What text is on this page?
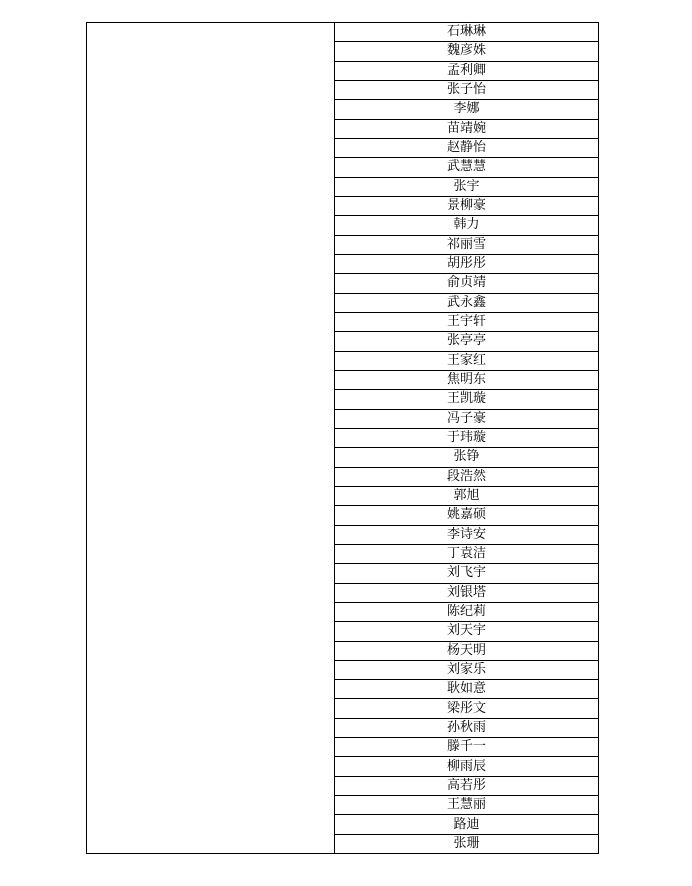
	石琳琳
魏彦姝
孟利卿
张子怡
李娜
苗靖婉
赵静怡
武慧慧
张宇
景柳豪
韩力
祁丽雪
胡彤彤
俞贞靖
武永鑫
王宇轩
张亭亭
王家红
焦明东
王凯璇
冯子豪
于玮璇
张铮
段浩然
郭旭
姚嘉硕
李诗安
丁袁洁
刘飞宇
刘银塔
陈纪莉
刘天宇
杨天明
刘家乐
耿如意
梁彤文
孙秋雨
滕千一
柳雨辰
高若彤
王慧丽
路迪
张珊
